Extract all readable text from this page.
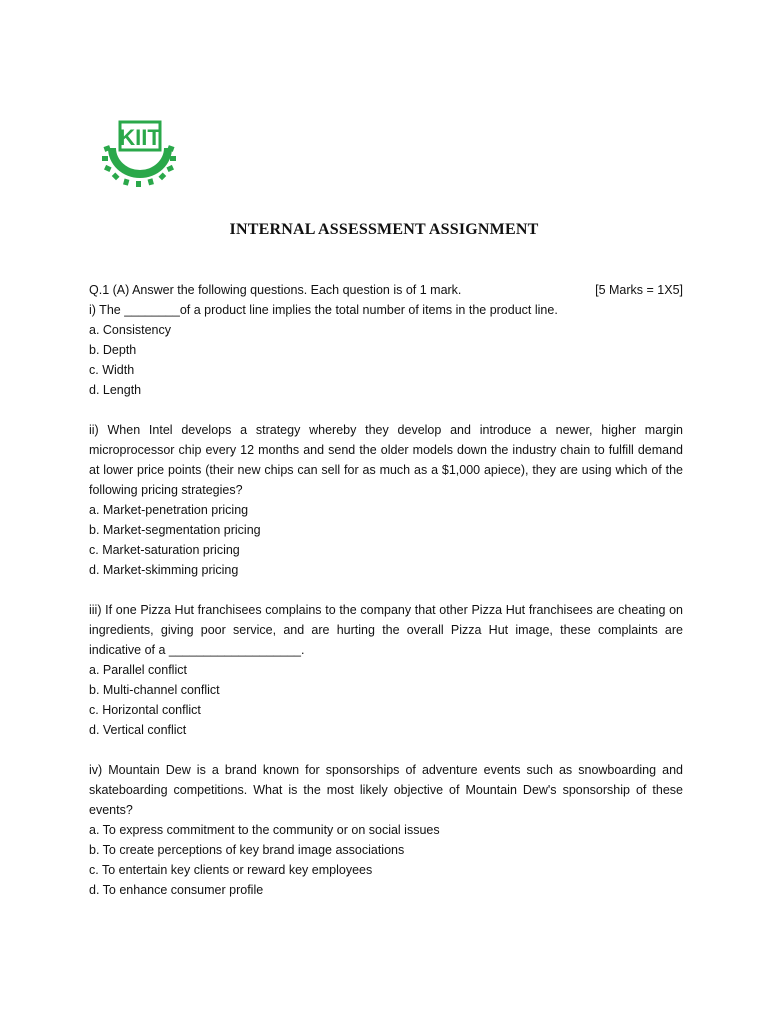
KIIT
INTERNAL ASSESSMENT ASSIGNMENT

Q.1 (A) Answer the following questions. Each question is of 1 mark.	[5 Marks = 1X5]

i) The ________of a product line implies the total number of items in the product line.

a. Consistency

b. Depth

c. Width

d. Length

ii) When Intel develops a strategy whereby they develop and introduce a newer, higher margin microprocessor chip every 12 months and send the older models down the industry chain to fulfill demand at lower price points (their new chips can sell for as much as a $1,000 apiece), they are using which of the following pricing strategies?

a. Market-penetration pricing

b. Market-segmentation pricing

c. Market-saturation pricing

d. Market-skimming pricing

iii) If one Pizza Hut franchisees complains to the company that other Pizza Hut franchisees are cheating on ingredients, giving poor service, and are hurting the overall Pizza Hut image, these complaints are indicative of a ___________________.

a. Parallel conflict

b. Multi-channel conflict

c. Horizontal conflict

d. Vertical conflict

iv) Mountain Dew is a brand known for sponsorships of adventure events such as snowboarding and skateboarding competitions. What is the most likely objective of Mountain Dew's sponsorship of these events?

a. To express commitment to the community or on social issues

b. To create perceptions of key brand image associations

c. To entertain key clients or reward key employees

d. To enhance consumer profile
